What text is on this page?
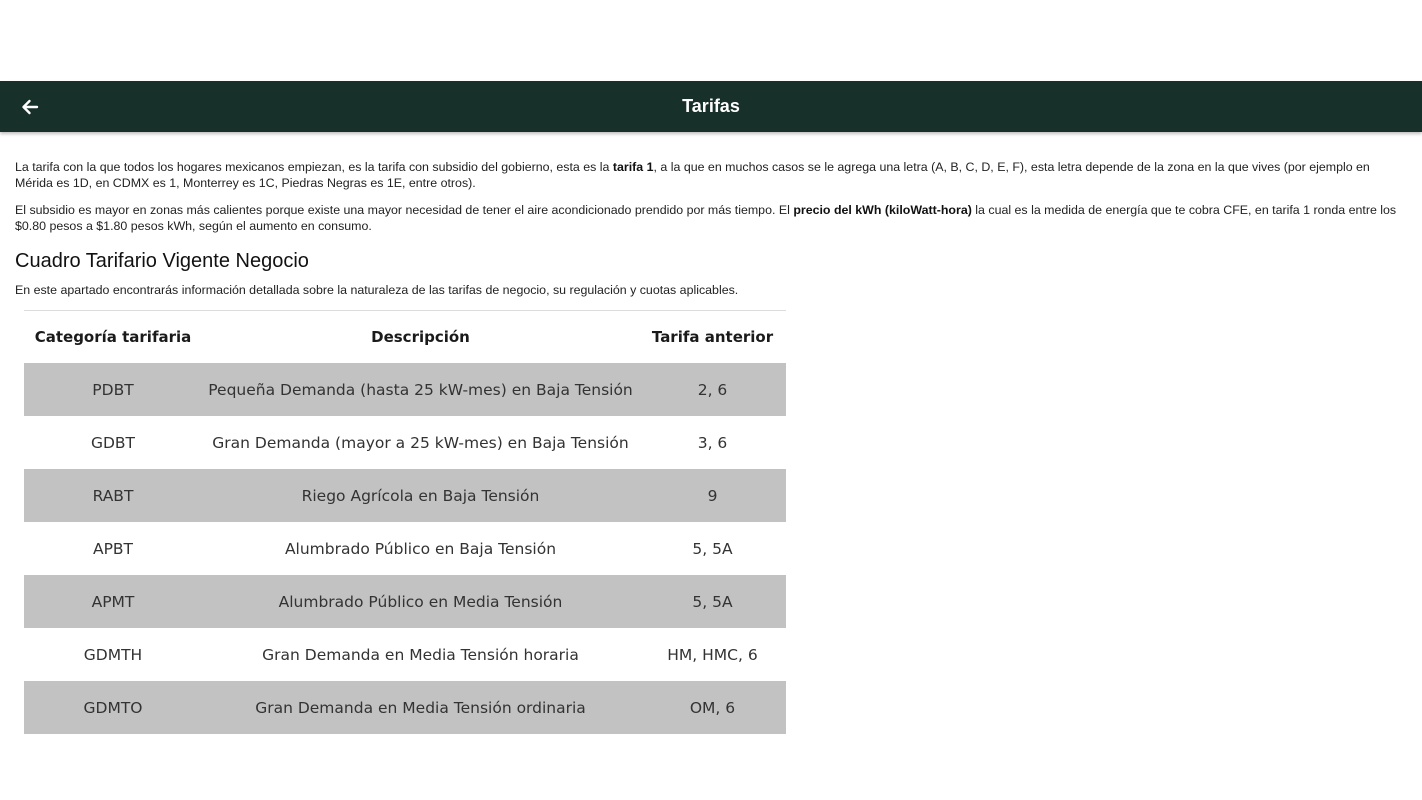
Tarifas

La tarifa con la que todos los hogares mexicanos empiezan, es la tarifa con subsidio del gobierno, esta es la tarifa 1, a la que en muchos casos se le agrega una letra (A, B, C, D, E, F), esta letra depende de la zona en la que vives (por ejemplo en Mérida es 1D, en CDMX es 1, Monterrey es 1C, Piedras Negras es 1E, entre otros).

El subsidio es mayor en zonas más calientes porque existe una mayor necesidad de tener el aire acondicionado prendido por más tiempo. El precio del kWh (kiloWatt-hora) la cual es la medida de energía que te cobra CFE, en tarifa 1 ronda entre los $0.80 pesos a $1.80 pesos kWh, según el aumento en consumo.

Cuadro Tarifario Vigente Negocio

En este apartado encontrarás información detallada sobre la naturaleza de las tarifas de negocio, su regulación y cuotas aplicables.

Categoría tarifaria	Descripción	Tarifa anterior
PDBT	Pequeña Demanda (hasta 25 kW-mes) en Baja Tensión	2, 6
GDBT	Gran Demanda (mayor a 25 kW-mes) en Baja Tensión	3, 6
RABT	Riego Agrícola en Baja Tensión	9
APBT	Alumbrado Público en Baja Tensión	5, 5A
APMT	Alumbrado Público en Media Tensión	5, 5A
GDMTH	Gran Demanda en Media Tensión horaria	HM, HMC, 6
GDMTO	Gran Demanda en Media Tensión ordinaria	OM, 6
